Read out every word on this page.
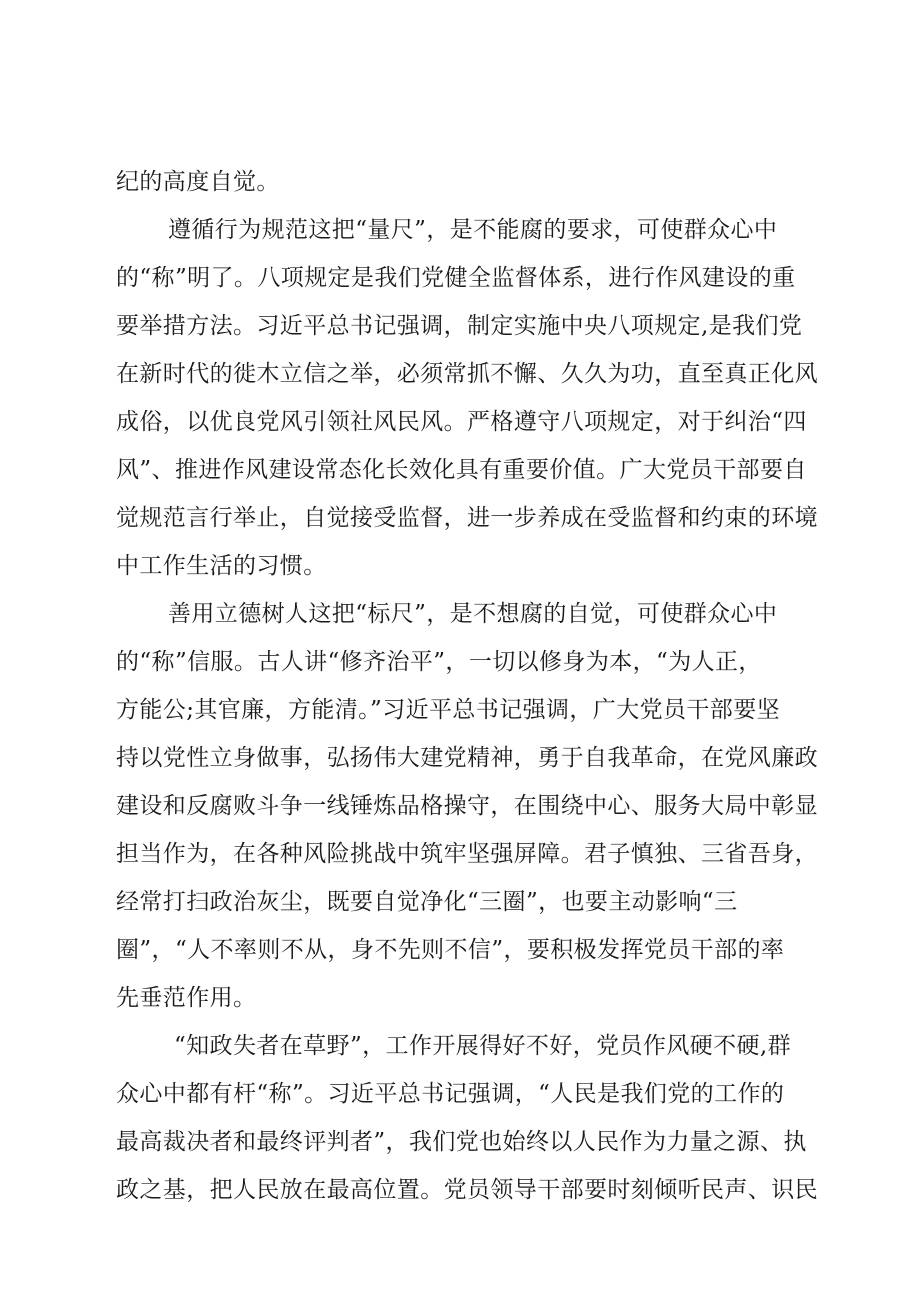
纪的高度自觉。
遵循行为规范这把“量尺”，是不能腐的要求，可使群众心中
的“称”明了。八项规定是我们党健全监督体系，进行作风建设的重
要举措方法。习近平总书记强调，制定实施中央八项规定,是我们党
在新时代的徙木立信之举，必须常抓不懈、久久为功，直至真正化风
成俗，以优良党风引领社风民风。严格遵守八项规定，对于纠治“四
风”、推进作风建设常态化长效化具有重要价值。广大党员干部要自
觉规范言行举止，自觉接受监督，进一步养成在受监督和约束的环境
中工作生活的习惯。
善用立德树人这把“标尺”，是不想腐的自觉，可使群众心中
的“称”信服。古人讲“修齐治平”，一切以修身为本，“为人正，
方能公;其官廉，方能清。”习近平总书记强调，广大党员干部要坚
持以党性立身做事，弘扬伟大建党精神，勇于自我革命，在党风廉政
建设和反腐败斗争一线锤炼品格操守，在围绕中心、服务大局中彰显
担当作为，在各种风险挑战中筑牢坚强屏障。君子慎独、三省吾身，
经常打扫政治灰尘，既要自觉净化“三圈”，也要主动影响“三
圈”，“人不率则不从，身不先则不信”，要积极发挥党员干部的率
先垂范作用。
“知政失者在草野”，工作开展得好不好，党员作风硬不硬,群
众心中都有杆“称”。习近平总书记强调，“人民是我们党的工作的
最高裁决者和最终评判者”，我们党也始终以人民作为力量之源、执
政之基，把人民放在最高位置。党员领导干部要时刻倾听民声、识民
